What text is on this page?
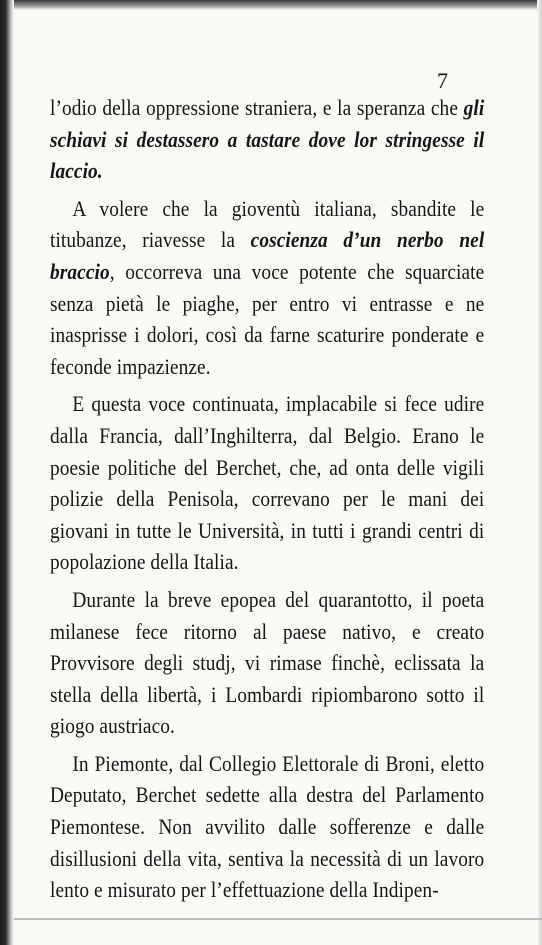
7

l’odio della oppressione straniera, e la speranza che gli schiavi si destassero a tastare dove lor stringesse il laccio.

A volere che la gioventù italiana, sbandite le titubanze, riavesse la coscienza d’un nerbo nel braccio, occorreva una voce potente che squarciate senza pietà le piaghe, per entro vi entrasse e ne inasprisse i dolori, così da farne scaturire ponderate e feconde impazienze.

E questa voce continuata, implacabile si fece udire dalla Francia, dall’Inghilterra, dal Belgio. Erano le poesie politiche del Berchet, che, ad onta delle vigili polizie della Penisola, correvano per le mani dei giovani in tutte le Università, in tutti i grandi centri di popolazione della Italia.

Durante la breve epopea del quarantotto, il poeta milanese fece ritorno al paese nativo, e creato Provvisore degli studj, vi rimase finchè, eclissata la stella della libertà, i Lombardi ripiombarono sotto il giogo austriaco.

In Piemonte, dal Collegio Elettorale di Broni, eletto Deputato, Berchet sedette alla destra del Parlamento Piemontese. Non avvilito dalle sofferenze e dalle disillusioni della vita, sentiva la necessità di un lavoro lento e misurato per l’effettuazione della Indipen-
